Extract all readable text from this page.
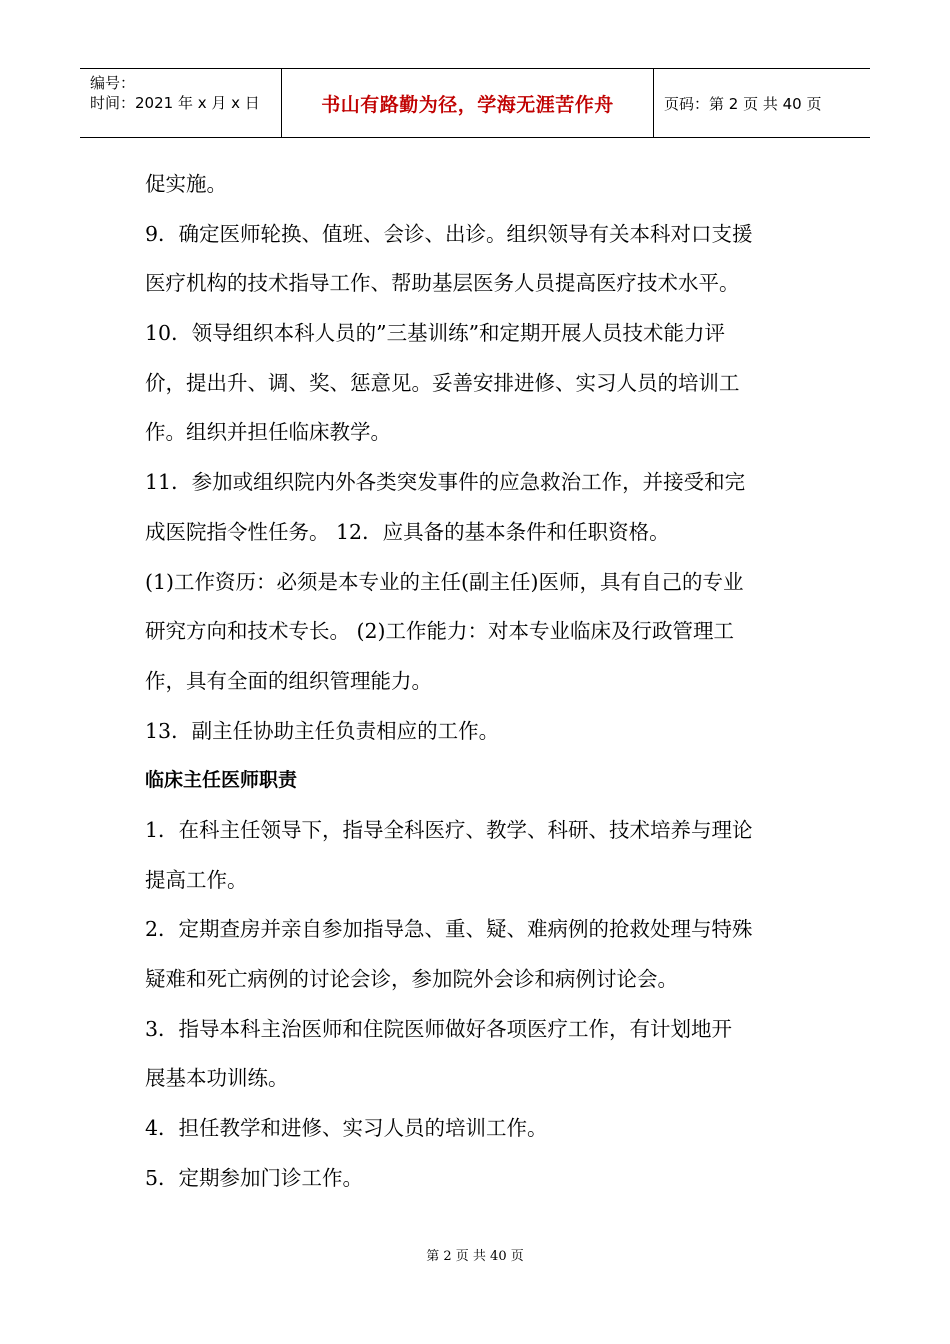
编号：
时间：2021 年 x 月 x 日	书山有路勤为径，学海无涯苦作舟	页码：第 2 页 共 40 页
促实施。
9．确定医师轮换、值班、会诊、出诊。组织领导有关本科对口支援
医疗机构的技术指导工作、帮助基层医务人员提高医疗技术水平。
10．领导组织本科人员的”三基训练”和定期开展人员技术能力评
价，提出升、调、奖、惩意见。妥善安排进修、实习人员的培训工
作。组织并担任临床教学。
11．参加或组织院内外各类突发事件的应急救治工作，并接受和完
成医院指令性任务。 12．应具备的基本条件和任职资格。
(1)工作资历：必须是本专业的主任(副主任)医师，具有自己的专业
研究方向和技术专长。 (2)工作能力：对本专业临床及行政管理工
作，具有全面的组织管理能力。
13．副主任协助主任负责相应的工作。
临床主任医师职责
1．在科主任领导下，指导全科医疗、教学、科研、技术培养与理论
提高工作。
2．定期查房并亲自参加指导急、重、疑、难病例的抢救处理与特殊
疑难和死亡病例的讨论会诊，参加院外会诊和病例讨论会。
3．指导本科主治医师和住院医师做好各项医疗工作，有计划地开
展基本功训练。
4．担任教学和进修、实习人员的培训工作。
5．定期参加门诊工作。
第 2 页 共 40 页
